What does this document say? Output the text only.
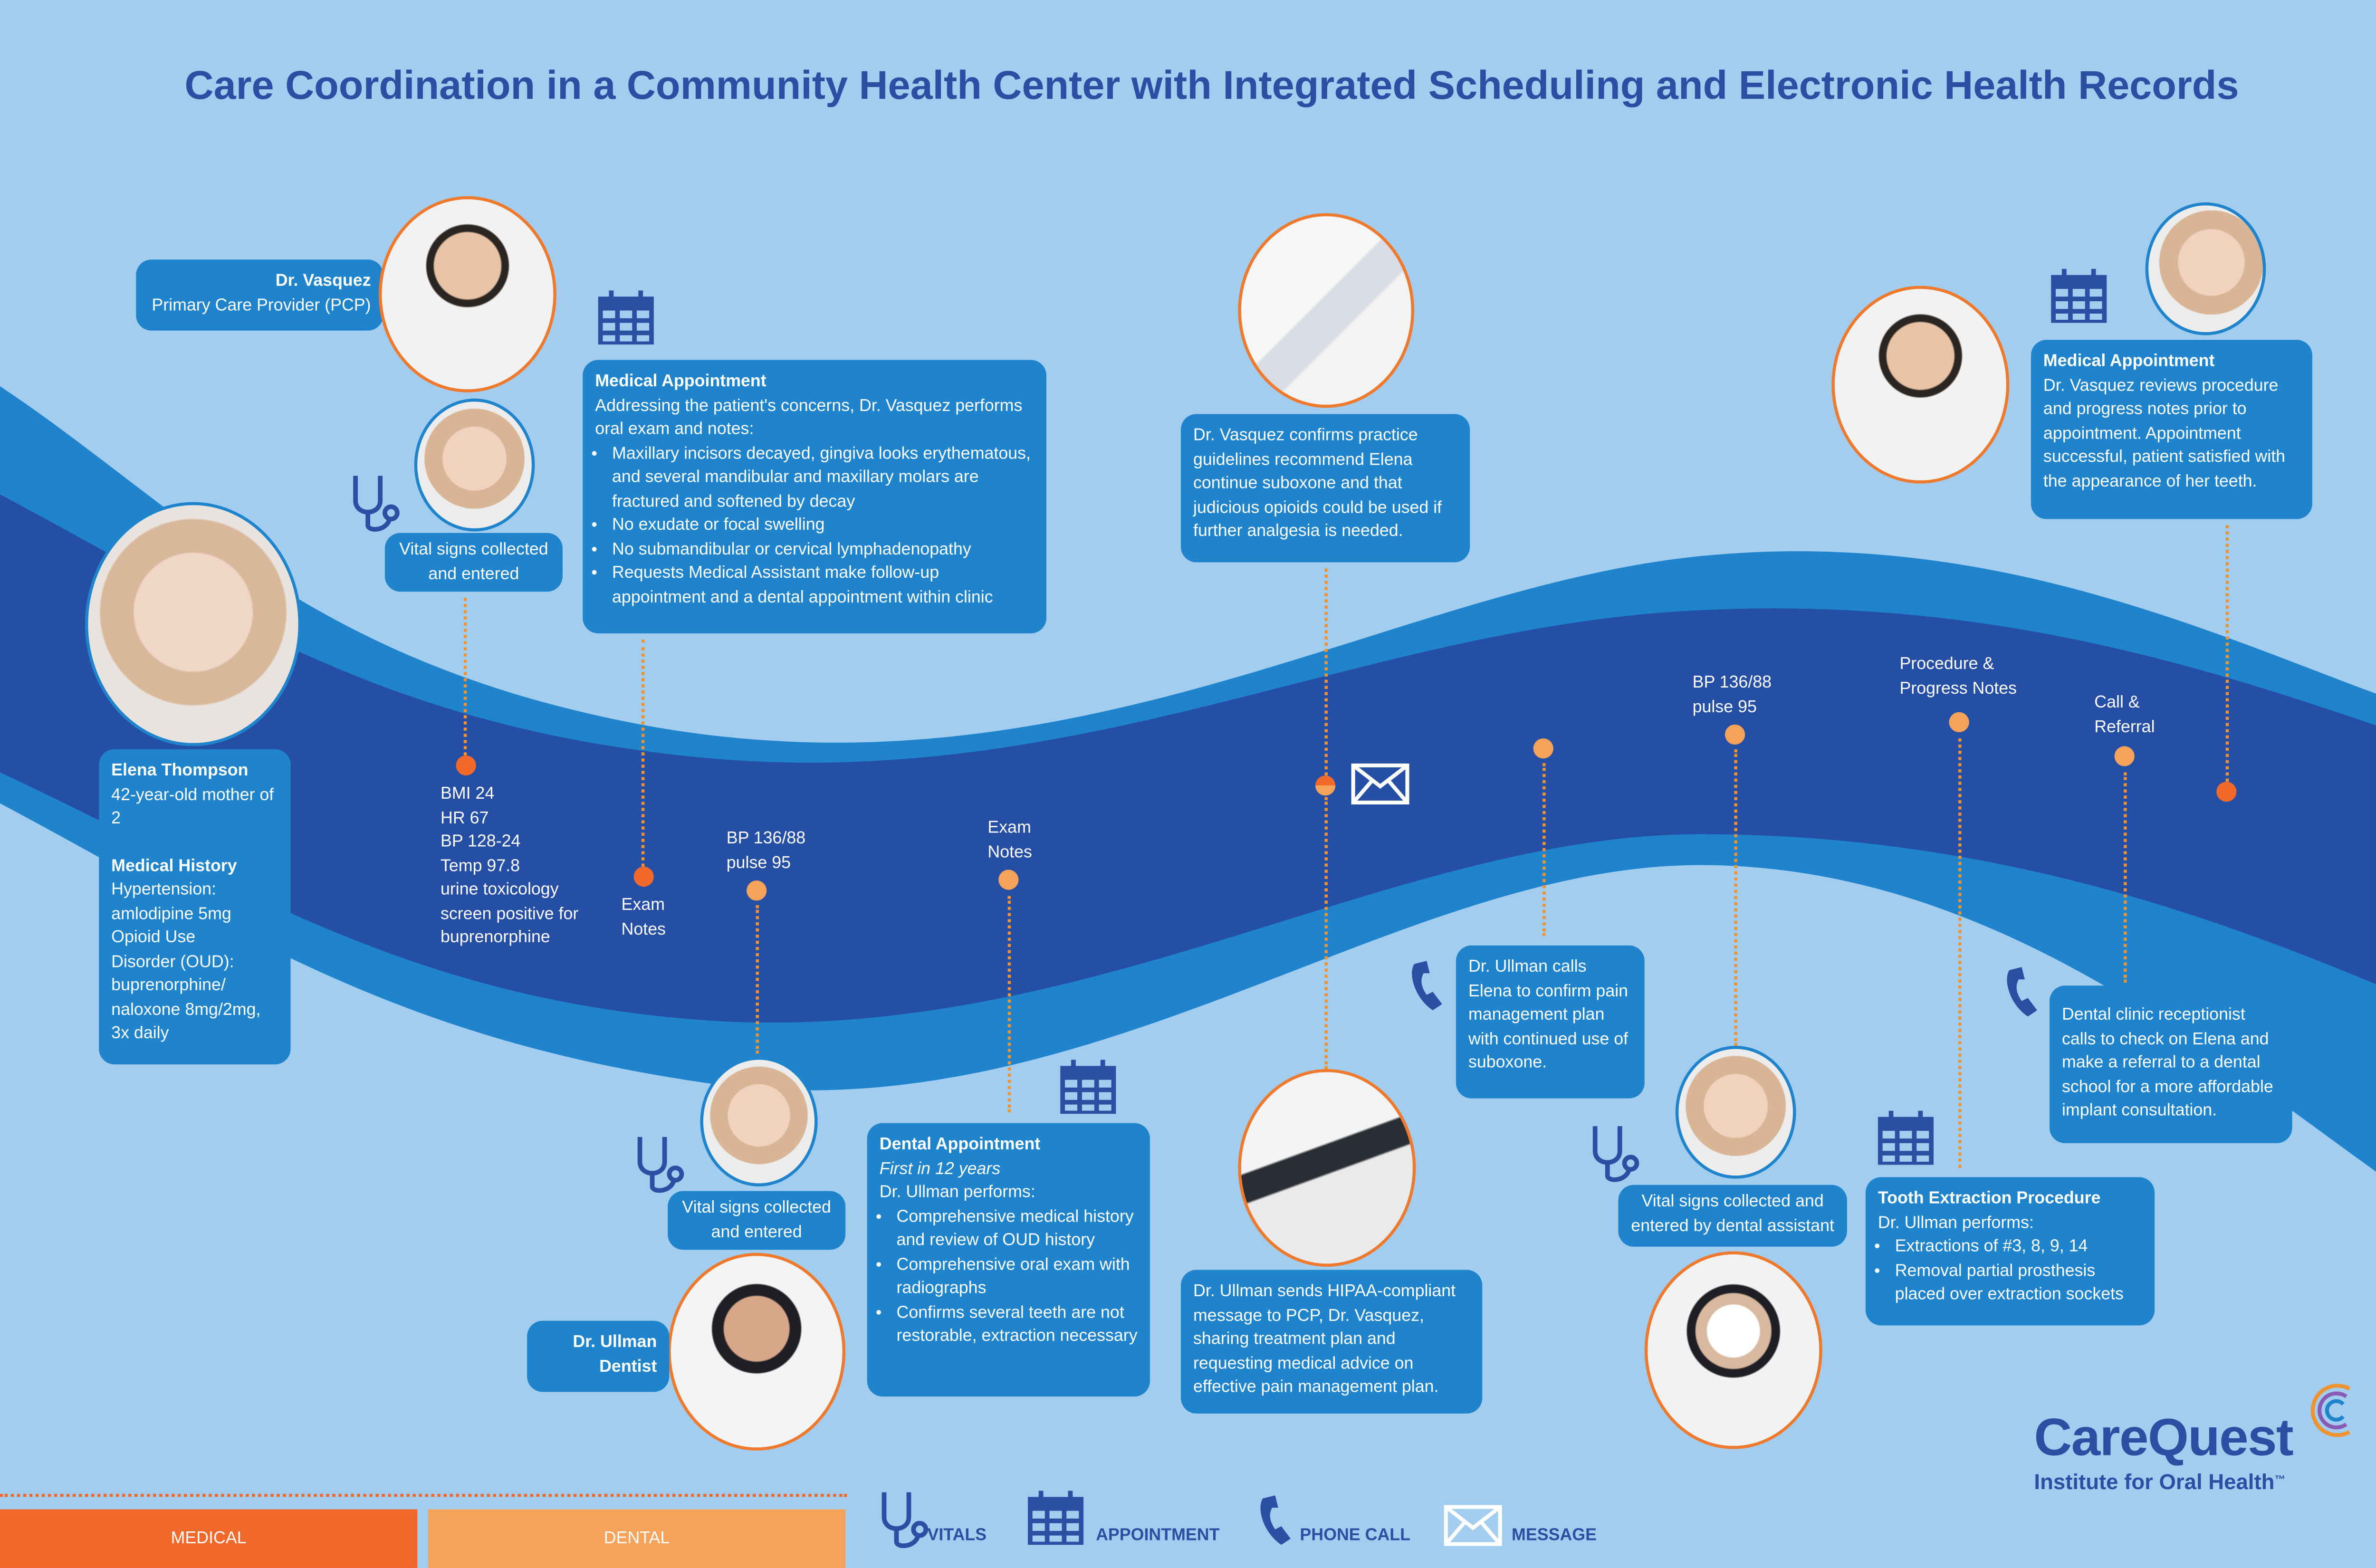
Care Coordination in a Community Health Center with Integrated Scheduling and Electronic Health Records
Elena Thompson
42-year-old mother of 2
Medical History
Hypertension:
amlodipine 5mg
Opioid Use
Disorder (OUD):
buprenorphine/
naloxone 8mg/2mg,
3x daily
Dr. Vasquez
Primary Care Provider (PCP)
Vital signs collected
and entered
BMI 24
HR 67
BP 128-24
Temp 97.8
urine toxicology
screen positive for
buprenorphine
Medical Appointment
Addressing the patient's concerns, Dr. Vasquez performs oral exam and notes:
• Maxillary incisors decayed, gingiva looks erythematous, and several mandibular and maxillary molars are fractured and softened by decay
• No exudate or focal swelling
• No submandibular or cervical lymphadenopathy
• Requests Medical Assistant make follow-up appointment and a dental appointment within clinic
Exam
Notes
BP 136/88
pulse 95
Vital signs collected
and entered
Dr. Ullman
Dentist
Exam
Notes
Dental Appointment
First in 12 years
Dr. Ullman performs:
• Comprehensive medical history and review of OUD history
• Comprehensive oral exam with radiographs
• Confirms several teeth are not restorable, extraction necessary
Dr. Vasquez confirms practice guidelines recommend Elena continue suboxone and that judicious opioids could be used if further analgesia is needed.
Dr. Ullman sends HIPAA-compliant message to PCP, Dr. Vasquez, sharing treatment plan and requesting medical advice on effective pain management plan.
Dr. Ullman calls Elena to confirm pain management plan with continued use of suboxone.
BP 136/88
pulse 95
Vital signs collected and
entered by dental assistant
Procedure &
Progress Notes
Tooth Extraction Procedure
Dr. Ullman performs:
• Extractions of #3, 8, 9, 14
• Removal partial prosthesis placed over extraction sockets
Call &
Referral
Dental clinic receptionist calls to check on Elena and make a referral to a dental school for a more affordable implant consultation.
Medical Appointment
Dr. Vasquez reviews procedure and progress notes prior to appointment. Appointment successful, patient satisfied with the appearance of her teeth.
CareQuest
Institute for Oral Health™
MEDICAL	DENTAL	VITALS	APPOINTMENT	PHONE CALL	MESSAGE
